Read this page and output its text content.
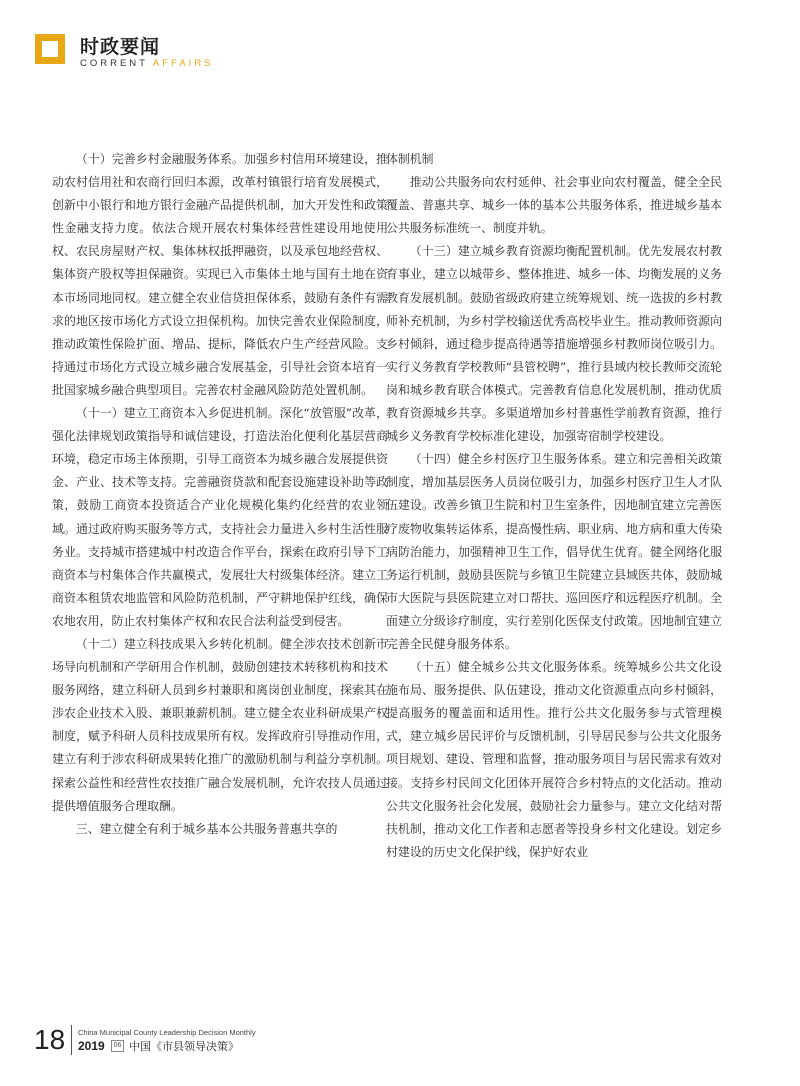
时政要闻
CORRENT AFFAIRS

（十）完善乡村金融服务体系。加强乡村信用环境建设，推动农村信用社和农商行回归本源，改革村镇银行培育发展模式，创新中小银行和地方银行金融产品提供机制，加大开发性和政策性金融支持力度。依法合规开展农村集体经营性建设用地使用权、农民房屋财产权、集体林权抵押融资，以及承包地经营权、集体资产股权等担保融资。实现已入市集体土地与国有土地在资本市场同地同权。建立健全农业信贷担保体系，鼓励有条件有需求的地区按市场化方式设立担保机构。加快完善农业保险制度，推动政策性保险扩面、增品、提标，降低农户生产经营风险。支持通过市场化方式设立城乡融合发展基金，引导社会资本培育一批国家城乡融合典型项目。完善农村金融风险防范处置机制。

（十一）建立工商资本入乡促进机制。深化“放管服”改革，强化法律规划政策指导和诚信建设，打造法治化便利化基层营商环境，稳定市场主体预期，引导工商资本为城乡融合发展提供资金、产业、技术等支持。完善融资贷款和配套设施建设补助等政策，鼓励工商资本投资适合产业化规模化集约化经营的农业领域。通过政府购买服务等方式，支持社会力量进入乡村生活性服务业。支持城市搭建城中村改造合作平台，探索在政府引导下工商资本与村集体合作共赢模式，发展壮大村级集体经济。建立工商资本租赁农地监管和风险防范机制，严守耕地保护红线，确保农地农用，防止农村集体产权和农民合法利益受到侵害。

（十二）建立科技成果入乡转化机制。健全涉农技术创新市场导向机制和产学研用合作机制，鼓励创建技术转移机构和技术服务网络，建立科研人员到乡村兼职和离岗创业制度，探索其在涉农企业技术入股、兼职兼薪机制。建立健全农业科研成果产权制度，赋予科研人员科技成果所有权。发挥政府引导推动作用，建立有利于涉农科研成果转化推广的激励机制与利益分享机制。探索公益性和经营性农技推广融合发展机制，允许农技人员通过提供增值服务合理取酬。

三、建立健全有利于城乡基本公共服务普惠共享的

体制机制

推动公共服务向农村延伸、社会事业向农村覆盖，健全全民覆盖、普惠共享、城乡一体的基本公共服务体系，推进城乡基本公共服务标准统一、制度并轨。

（十三）建立城乡教育资源均衡配置机制。优先发展农村教育事业，建立以城带乡、整体推进、城乡一体、均衡发展的义务教育发展机制。鼓励省级政府建立统筹规划、统一选拔的乡村教师补充机制，为乡村学校输送优秀高校毕业生。推动教师资源向乡村倾斜，通过稳步提高待遇等措施增强乡村教师岗位吸引力。实行义务教育学校教师“县管校聘”，推行县域内校长教师交流轮岗和城乡教育联合体模式。完善教育信息化发展机制，推动优质教育资源城乡共享。多渠道增加乡村普惠性学前教育资源，推行城乡义务教育学校标准化建设，加强寄宿制学校建设。

（十四）健全乡村医疗卫生服务体系。建立和完善相关政策制度，增加基层医务人员岗位吸引力，加强乡村医疗卫生人才队伍建设。改善乡镇卫生院和村卫生室条件，因地制宜建立完善医疗废物收集转运体系，提高慢性病、职业病、地方病和重大传染病防治能力，加强精神卫生工作，倡导优生优育。健全网络化服务运行机制，鼓励县医院与乡镇卫生院建立县域医共体，鼓励城市大医院与县医院建立对口帮扶、巡回医疗和远程医疗机制。全面建立分级诊疗制度，实行差别化医保支付政策。因地制宜建立完善全民健身服务体系。

（十五）健全城乡公共文化服务体系。统筹城乡公共文化设施布局、服务提供、队伍建设，推动文化资源重点向乡村倾斜，提高服务的覆盖面和适用性。推行公共文化服务参与式管理模式，建立城乡居民评价与反馈机制，引导居民参与公共文化服务项目规划、建设、管理和监督，推动服务项目与居民需求有效对接。支持乡村民间文化团体开展符合乡村特点的文化活动。推动公共文化服务社会化发展，鼓励社会力量参与。建立文化结对帮扶机制，推动文化工作者和志愿者等投身乡村文化建设。划定乡村建设的历史文化保护线，保护好农业

18	China Municipal County Leadership Decision Monthly
2019	06 中国《市县领导决策》
